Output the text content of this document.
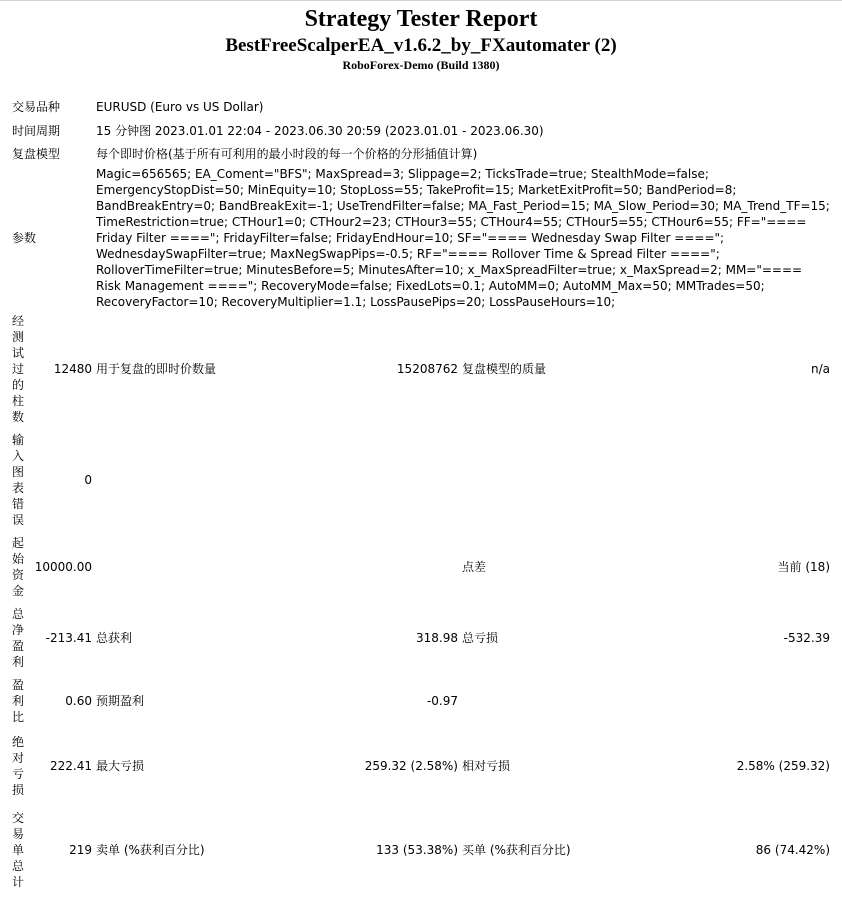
Strategy Tester Report
BestFreeScalperEA_v1.6.2_by_FXautomater (2)
RoboForex-Demo (Build 1380)
交易品种		EURUSD (Euro vs US Dollar)			
时间周期		15 分钟图 2023.01.01 22:04 - 2023.06.30 20:59 (2023.01.01 - 2023.06.30)			
复盘模型		每个即时价格(基于所有可利用的最小时段的每一个价格的分形插值计算)			
参数		Magic=656565; EA_Coment="BFS"; MaxSpread=3; Slippage=2; TicksTrade=true; StealthMode=false; EmergencyStopDist=50; MinEquity=10; StopLoss=55; TakeProfit=15; MarketExitProfit=50; BandPeriod=8; BandBreakEntry=0; BandBreakExit=-1; UseTrendFilter=false; MA_Fast_Period=15; MA_Slow_Period=30; MA_Trend_TF=15; TimeRestriction=true; CTHour1=0; CTHour2=23; CTHour3=55; CTHour4=55; CTHour5=55; CTHour6=55; FF="==== Friday Filter ===="; FridayFilter=false; FridayEndHour=10; SF="==== Wednesday Swap Filter ===="; WednesdaySwapFilter=true; MaxNegSwapPips=-0.5; RF="==== Rollover Time & Spread Filter ===="; RolloverTimeFilter=true; MinutesBefore=5; MinutesAfter=10; x_MaxSpreadFilter=true; x_MaxSpread=2; MM="==== Risk Management ===="; RecoveryMode=false; FixedLots=0.1; AutoMM=0; AutoMM_Max=50; MMTrades=50; RecoveryFactor=10; RecoveryMultiplier=1.1; LossPausePips=20; LossPauseHours=10;			

经测试过的柱数	12480	用于复盘的即时价数量	15208762	复盘模型的质量	n/a

输入图表错误	0				

起始资金	10000.00			点差	当前 (18)

总净盈利	-213.41	总获利	318.98	总亏损	-532.39

盈利比	0.60	预期盈利	-0.97		

绝对亏损	222.41	最大亏损	259.32 (2.58%)	相对亏损	2.58% (259.32)

交易单总计	219	卖单 (%获利百分比)	133 (53.38%)	买单 (%获利百分比)	86 (74.42%)
